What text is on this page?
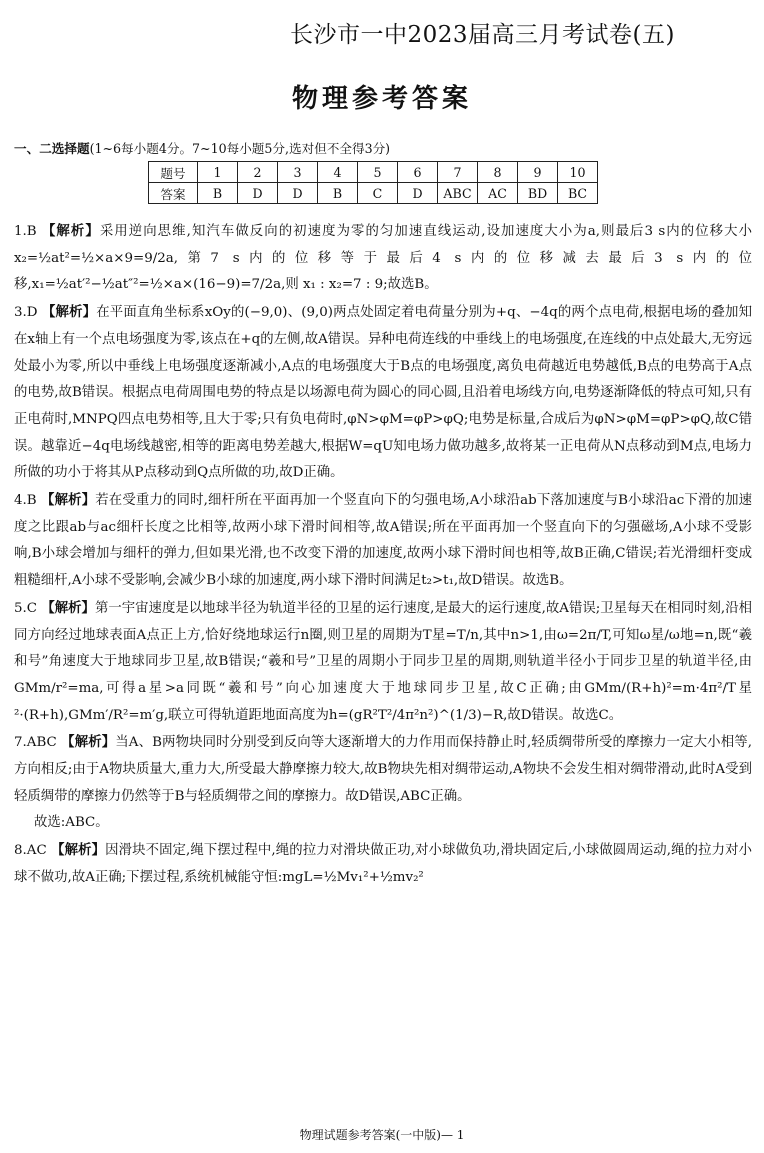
长沙市一中2023届高三月考试卷(五)
物理参考答案
一、二选择题(1~6每小题4分。7~10每小题5分,选对但不全得3分)
题号	1	2	3	4	5	6	7	8	9	10
答案	B	D	D	B	C	D	ABC	AC	BD	BC

1.B 【解析】采用逆向思维,知汽车做反向的初速度为零的匀加速直线运动,设加速度大小为a,则最后3 s内的位移大小 x₂=½at²=½×a×9=9/2a,第7 s内的位移等于最后4 s内的位移减去最后3 s内的位移,x₁=½at′²−½at″²=½×a×(16−9)=7/2a,则 x₁ : x₂=7 : 9;故选B。

3.D 【解析】在平面直角坐标系xOy的(−9,0)、(9,0)两点处固定着电荷量分别为+q、−4q的两个点电荷,根据电场的叠加知在x轴上有一个点电场强度为零,该点在+q的左侧,故A错误。异种电荷连线的中垂线上的电场强度,在连线的中点处最大,无穷远处最小为零,所以中垂线上电场强度逐渐减小,A点的电场强度大于B点的电场强度,离负电荷越近电势越低,B点的电势高于A点的电势,故B错误。根据点电荷周围电势的特点是以场源电荷为圆心的同心圆,且沿着电场线方向,电势逐渐降低的特点可知,只有正电荷时,MNPQ四点电势相等,且大于零;只有负电荷时,φN>φM=φP>φQ;电势是标量,合成后为φN>φM=φP>φQ,故C错误。越靠近−4q电场线越密,相等的距离电势差越大,根据W=qU知电场力做功越多,故将某一正电荷从N点移动到M点,电场力所做的功小于将其从P点移动到Q点所做的功,故D正确。

4.B 【解析】若在受重力的同时,细杆所在平面再加一个竖直向下的匀强电场,A小球沿ab下落加速度与B小球沿ac下滑的加速度之比跟ab与ac细杆长度之比相等,故两小球下滑时间相等,故A错误;所在平面再加一个竖直向下的匀强磁场,A小球不受影响,B小球会增加与细杆的弹力,但如果光滑,也不改变下滑的加速度,故两小球下滑时间也相等,故B正确,C错误;若光滑细杆变成粗糙细杆,A小球不受影响,会减少B小球的加速度,两小球下滑时间满足t₂>t₁,故D错误。故选B。

5.C 【解析】第一宇宙速度是以地球半径为轨道半径的卫星的运行速度,是最大的运行速度,故A错误;卫星每天在相同时刻,沿相同方向经过地球表面A点正上方,恰好绕地球运行n圈,则卫星的周期为T星=T/n,其中n>1,由ω=2π/T,可知ω星/ω地=n,既“羲和号”角速度大于地球同步卫星,故B错误;“羲和号”卫星的周期小于同步卫星的周期,则轨道半径小于同步卫星的轨道半径,由GMm/r²=ma,可得a星>a同既“羲和号”向心加速度大于地球同步卫星,故C正确;由GMm/(R+h)²=m·4π²/T星²·(R+h),GMm′/R²=m′g,联立可得轨道距地面高度为h=(gR²T²/4π²n²)^(1/3)−R,故D错误。故选C。

7.ABC 【解析】当A、B两物块同时分别受到反向等大逐渐增大的力作用而保持静止时,轻质绸带所受的摩擦力一定大小相等,方向相反;由于A物块质量大,重力大,所受最大静摩擦力较大,故B物块先相对绸带运动,A物块不会发生相对绸带滑动,此时A受到轻质绸带的摩擦力仍然等于B与轻质绸带之间的摩擦力。故D错误,ABC正确。

故选:ABC。

8.AC 【解析】因滑块不固定,绳下摆过程中,绳的拉力对滑块做正功,对小球做负功,滑块固定后,小球做圆周运动,绳的拉力对小球不做功,故A正确;下摆过程,系统机械能守恒:mgL=½Mv₁²+½mv₂²

物理试题参考答案(一中版)— 1
